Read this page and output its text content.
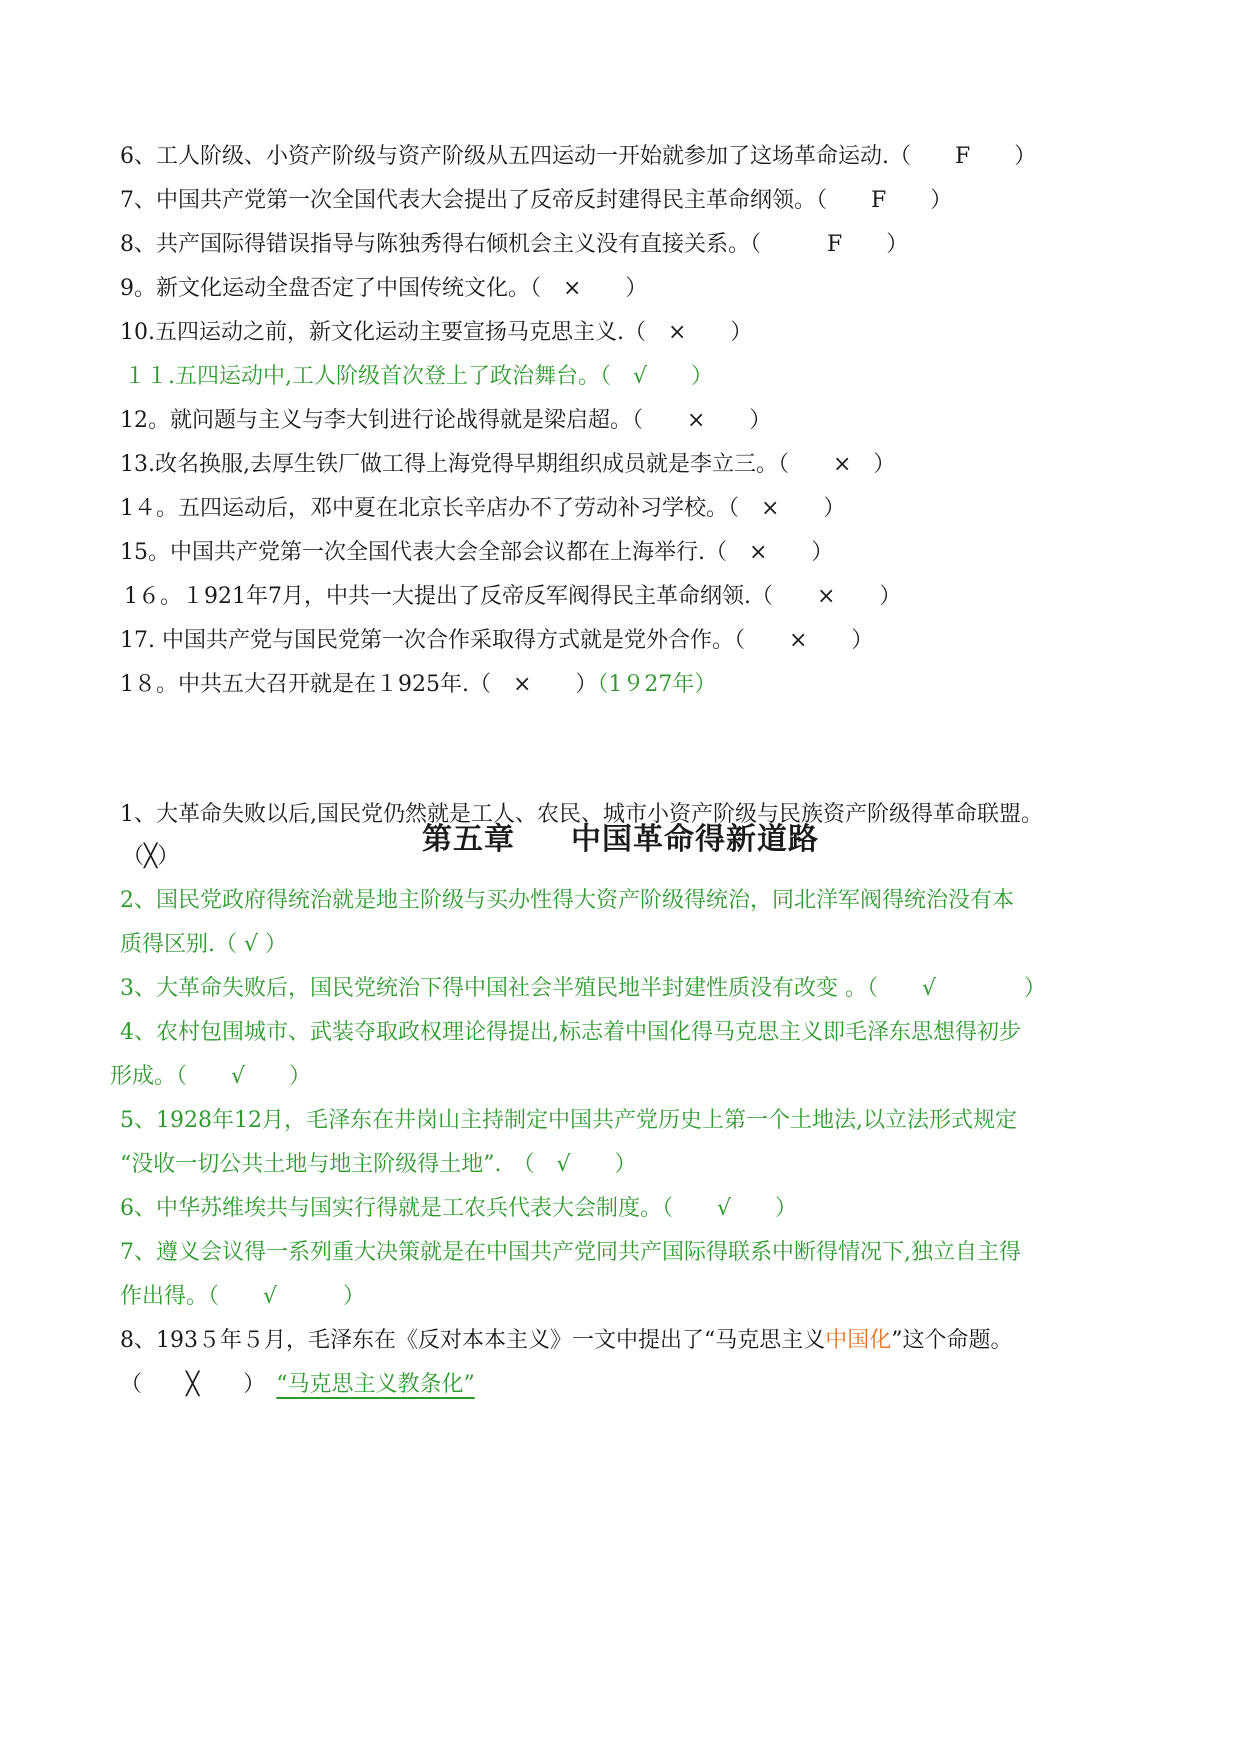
6、工人阶级、小资产阶级与资产阶级从五四运动一开始就参加了这场革命运动.（　　F　　）
7、中国共产党第一次全国代表大会提出了反帝反封建得民主革命纲领。（　　F　　）
8、共产国际得错误指导与陈独秀得右倾机会主义没有直接关系。（　　　F　　）
9。新文化运动全盘否定了中国传统文化。（　×　　）
10.五四运动之前，新文化运动主要宣扬马克思主义.（　×　　）
１１.五四运动中,工人阶级首次登上了政治舞台。（　√　　）
12。就问题与主义与李大钊进行论战得就是梁启超。（　　×　　）
13.改名换服,去厚生铁厂做工得上海党得早期组织成员就是李立三。（　　×　）
1４。五四运动后，邓中夏在北京长辛店办不了劳动补习学校。（　×　　）
15。中国共产党第一次全国代表大会全部会议都在上海举行.（　×　　）
1６。１921年7月，中共一大提出了反帝反军阀得民主革命纲领.（　　×　　）
17. 中国共产党与国民党第一次合作采取得方式就是党外合作。（　　×　　）
1８。中共五大召开就是在１925年.（　×　　）（1９27年）
第五章 中国革命得新道路
1、大革命失败以后,国民党仍然就是工人、农民、城市小资产阶级与民族资产阶级得革命联盟。
（╳）
2、国民党政府得统治就是地主阶级与买办性得大资产阶级得统治，同北洋军阀得统治没有本
质得区别.（ √ ）
3、大革命失败后，国民党统治下得中国社会半殖民地半封建性质没有改变 。（　　√　　　　）
4、农村包围城市、武装夺取政权理论得提出,标志着中国化得马克思主义即毛泽东思想得初步
形成。（　　√　　）
5、1928年12月，毛泽东在井岗山主持制定中国共产党历史上第一个土地法,以立法形式规定
“没收一切公共土地与地主阶级得土地”.　（　√　　）
6、中华苏维埃共与国实行得就是工农兵代表大会制度。（　　√　　）
7、遵义会议得一系列重大决策就是在中国共产党同共产国际得联系中断得情况下,独立自主得
作出得。（　　√　　　）
8、193５年５月，毛泽东在《反对本本主义》一文中提出了“马克思主义中国化”这个命题。
（　　╳　　）　 “马克思主义教条化”
